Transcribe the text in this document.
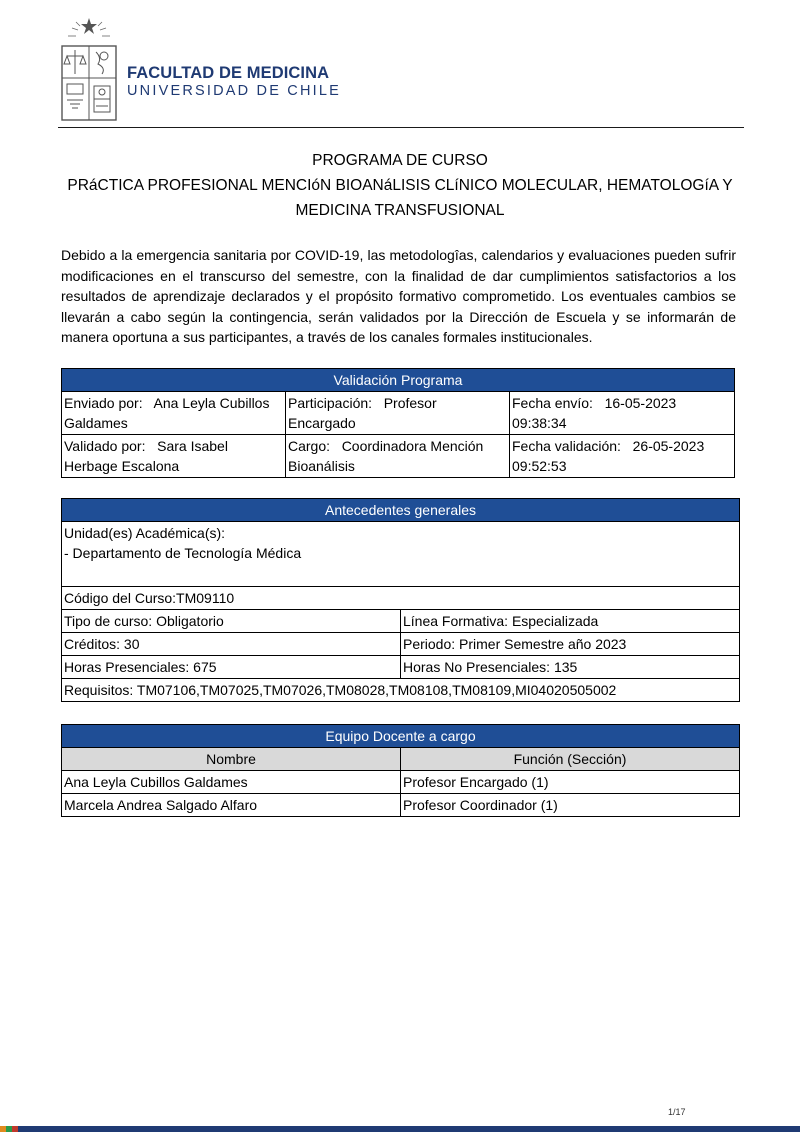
FACULTAD DE MEDICINA
UNIVERSIDAD DE CHILE
PROGRAMA DE CURSO
PRáCTICA PROFESIONAL MENCIóN BIOANáLISIS CLíNICO MOLECULAR, HEMATOLOGíA Y
MEDICINA TRANSFUSIONAL
Debido a la emergencia sanitaria por COVID-19, las metodologîas, calendarios y evaluaciones pueden sufrir modificaciones en el transcurso del semestre, con la finalidad de dar cumplimientos satisfactorios a los resultados de aprendizaje declarados y el propósito formativo comprometido. Los eventuales cambios se llevarán a cabo según la contingencia, serán validados por la Dirección de Escuela y se informarán de manera oportuna a sus participantes, a través de los canales formales institucionales.
Validación Programa		
Enviado por:   Ana Leyla Cubillos Galdames	Participación:   Profesor Encargado	Fecha envío:   16-05-2023 09:38:34
Validado por:   Sara Isabel Herbage Escalona	Cargo:   Coordinadora Mención Bioanálisis	Fecha validación:   26-05-2023 09:52:53
Antecedentes generales	

Unidad(es) Académica(s):
- Departamento de Tecnología Médica	

Código del Curso:TM09110	
Tipo de curso: Obligatorio	Línea Formativa: Especializada
Créditos: 30	Periodo: Primer Semestre año 2023
Horas Presenciales: 675	Horas No Presenciales: 135
Requisitos: TM07106,TM07025,TM07026,TM08028,TM08108,TM08109,MI04020505002	
Equipo Docente a cargo	
Nombre	Función (Sección)
Ana Leyla Cubillos Galdames	Profesor Encargado (1)
Marcela Andrea Salgado Alfaro	Profesor Coordinador (1)
1/17
